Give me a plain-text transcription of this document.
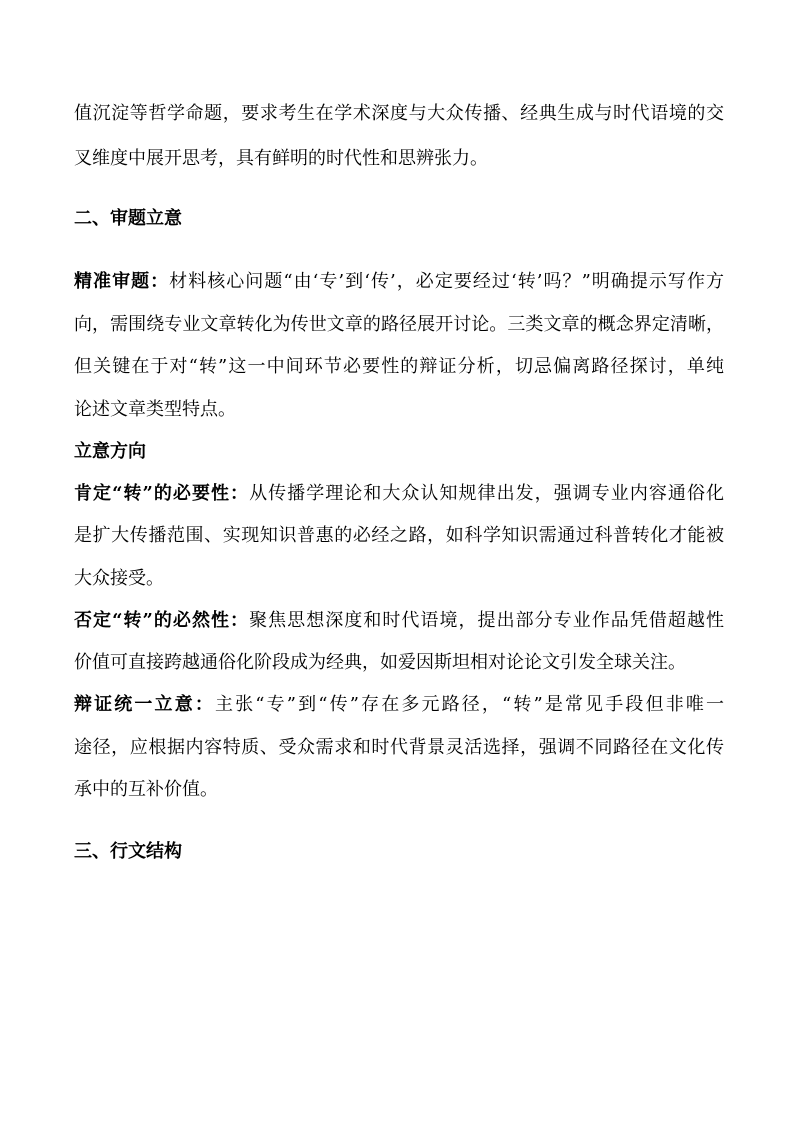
值沉淀等哲学命题，要求考生在学术深度与大众传播、经典生成与时代语境的交
叉维度中展开思考，具有鲜明的时代性和思辨张力。
二、审题立意
精准审题：材料核心问题“由‘专’到‘传’，必定要经过‘转’吗？”明确提示写作方
向，需围绕专业文章转化为传世文章的路径展开讨论。三类文章的概念界定清晰，
但关键在于对“转”这一中间环节必要性的辩证分析，切忌偏离路径探讨，单纯
论述文章类型特点。
立意方向
肯定“转”的必要性：从传播学理论和大众认知规律出发，强调专业内容通俗化
是扩大传播范围、实现知识普惠的必经之路，如科学知识需通过科普转化才能被
大众接受。
否定“转”的必然性：聚焦思想深度和时代语境，提出部分专业作品凭借超越性
价值可直接跨越通俗化阶段成为经典，如爱因斯坦相对论论文引发全球关注。
辩证统一立意：主张“专”到“传”存在多元路径，“转”是常见手段但非唯一
途径，应根据内容特质、受众需求和时代背景灵活选择，强调不同路径在文化传
承中的互补价值。
三、行文结构
